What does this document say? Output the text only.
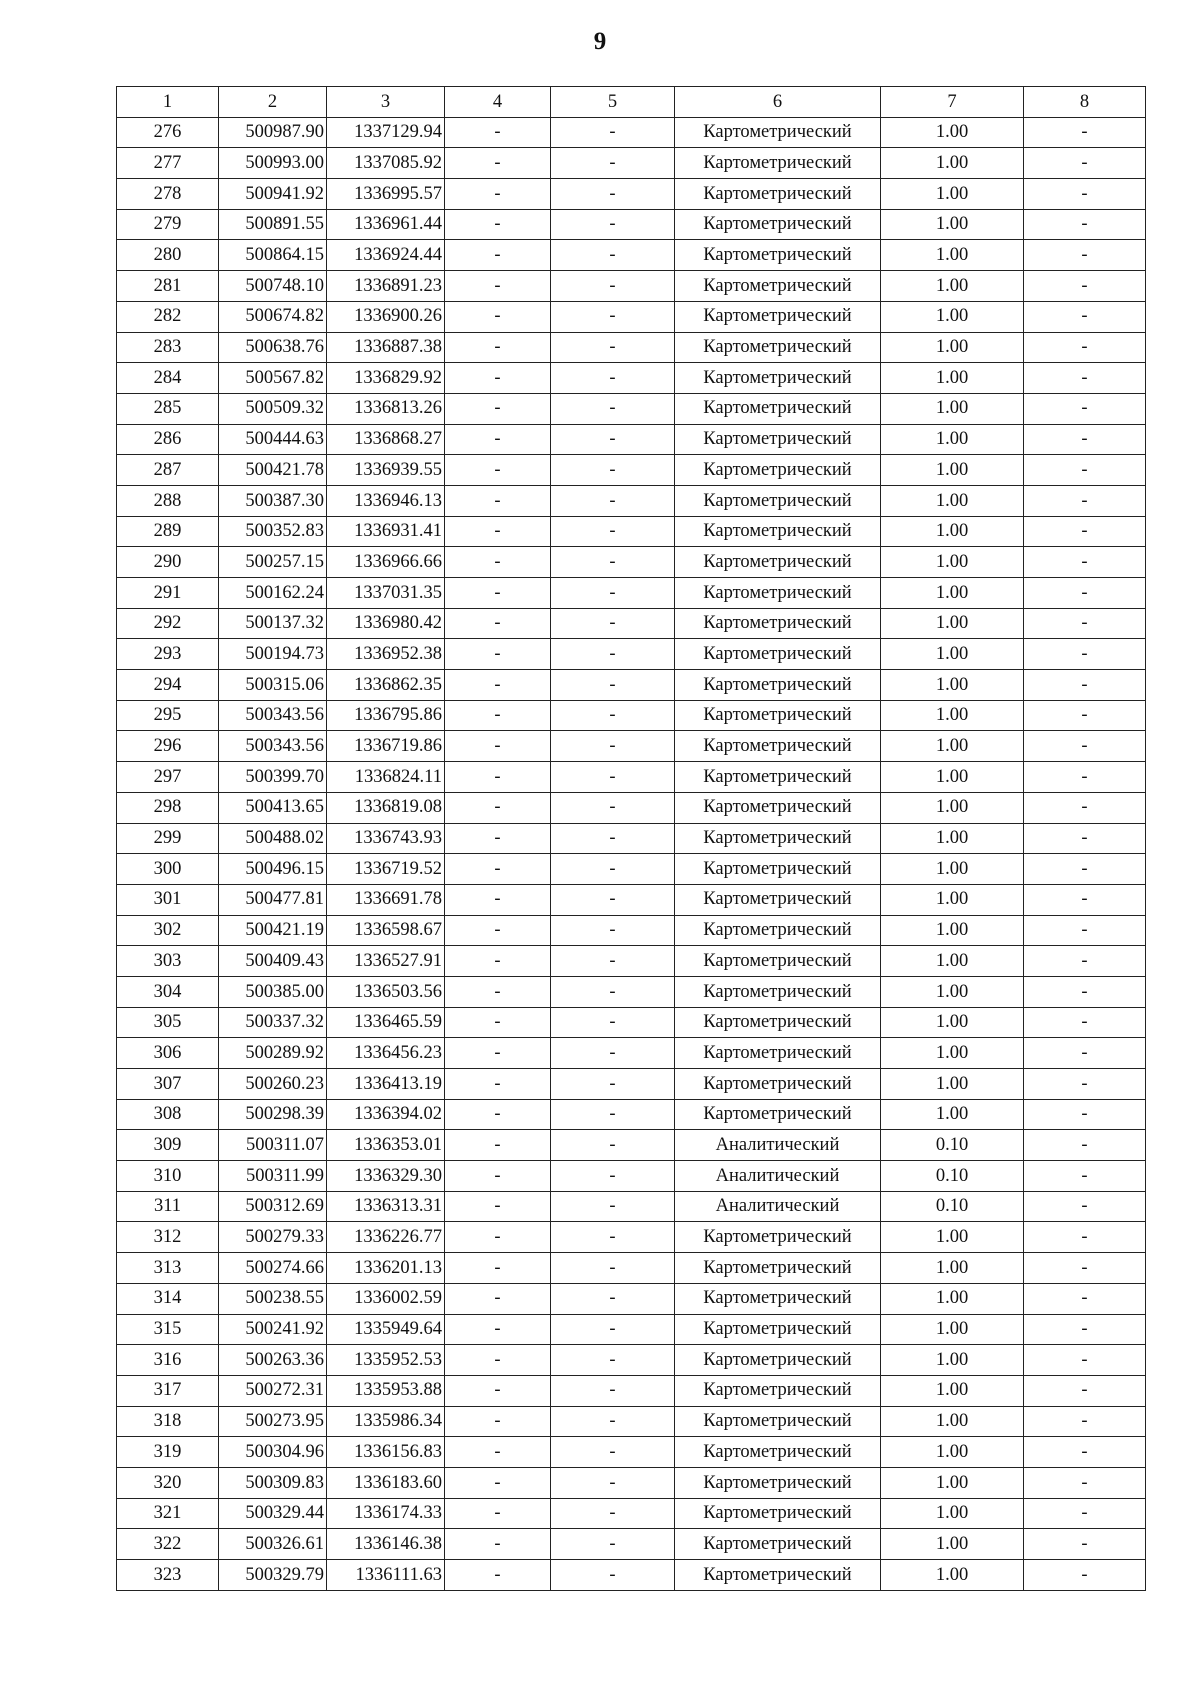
9
1	2	3	4	5	6	7	8
276	500987.90	1337129.94	-	-	Картометрический	1.00	-
277	500993.00	1337085.92	-	-	Картометрический	1.00	-
278	500941.92	1336995.57	-	-	Картометрический	1.00	-
279	500891.55	1336961.44	-	-	Картометрический	1.00	-
280	500864.15	1336924.44	-	-	Картометрический	1.00	-
281	500748.10	1336891.23	-	-	Картометрический	1.00	-
282	500674.82	1336900.26	-	-	Картометрический	1.00	-
283	500638.76	1336887.38	-	-	Картометрический	1.00	-
284	500567.82	1336829.92	-	-	Картометрический	1.00	-
285	500509.32	1336813.26	-	-	Картометрический	1.00	-
286	500444.63	1336868.27	-	-	Картометрический	1.00	-
287	500421.78	1336939.55	-	-	Картометрический	1.00	-
288	500387.30	1336946.13	-	-	Картометрический	1.00	-
289	500352.83	1336931.41	-	-	Картометрический	1.00	-
290	500257.15	1336966.66	-	-	Картометрический	1.00	-
291	500162.24	1337031.35	-	-	Картометрический	1.00	-
292	500137.32	1336980.42	-	-	Картометрический	1.00	-
293	500194.73	1336952.38	-	-	Картометрический	1.00	-
294	500315.06	1336862.35	-	-	Картометрический	1.00	-
295	500343.56	1336795.86	-	-	Картометрический	1.00	-
296	500343.56	1336719.86	-	-	Картометрический	1.00	-
297	500399.70	1336824.11	-	-	Картометрический	1.00	-
298	500413.65	1336819.08	-	-	Картометрический	1.00	-
299	500488.02	1336743.93	-	-	Картометрический	1.00	-
300	500496.15	1336719.52	-	-	Картометрический	1.00	-
301	500477.81	1336691.78	-	-	Картометрический	1.00	-
302	500421.19	1336598.67	-	-	Картометрический	1.00	-
303	500409.43	1336527.91	-	-	Картометрический	1.00	-
304	500385.00	1336503.56	-	-	Картометрический	1.00	-
305	500337.32	1336465.59	-	-	Картометрический	1.00	-
306	500289.92	1336456.23	-	-	Картометрический	1.00	-
307	500260.23	1336413.19	-	-	Картометрический	1.00	-
308	500298.39	1336394.02	-	-	Картометрический	1.00	-
309	500311.07	1336353.01	-	-	Аналитический	0.10	-
310	500311.99	1336329.30	-	-	Аналитический	0.10	-
311	500312.69	1336313.31	-	-	Аналитический	0.10	-
312	500279.33	1336226.77	-	-	Картометрический	1.00	-
313	500274.66	1336201.13	-	-	Картометрический	1.00	-
314	500238.55	1336002.59	-	-	Картометрический	1.00	-
315	500241.92	1335949.64	-	-	Картометрический	1.00	-
316	500263.36	1335952.53	-	-	Картометрический	1.00	-
317	500272.31	1335953.88	-	-	Картометрический	1.00	-
318	500273.95	1335986.34	-	-	Картометрический	1.00	-
319	500304.96	1336156.83	-	-	Картометрический	1.00	-
320	500309.83	1336183.60	-	-	Картометрический	1.00	-
321	500329.44	1336174.33	-	-	Картометрический	1.00	-
322	500326.61	1336146.38	-	-	Картометрический	1.00	-
323	500329.79	1336111.63	-	-	Картометрический	1.00	-
